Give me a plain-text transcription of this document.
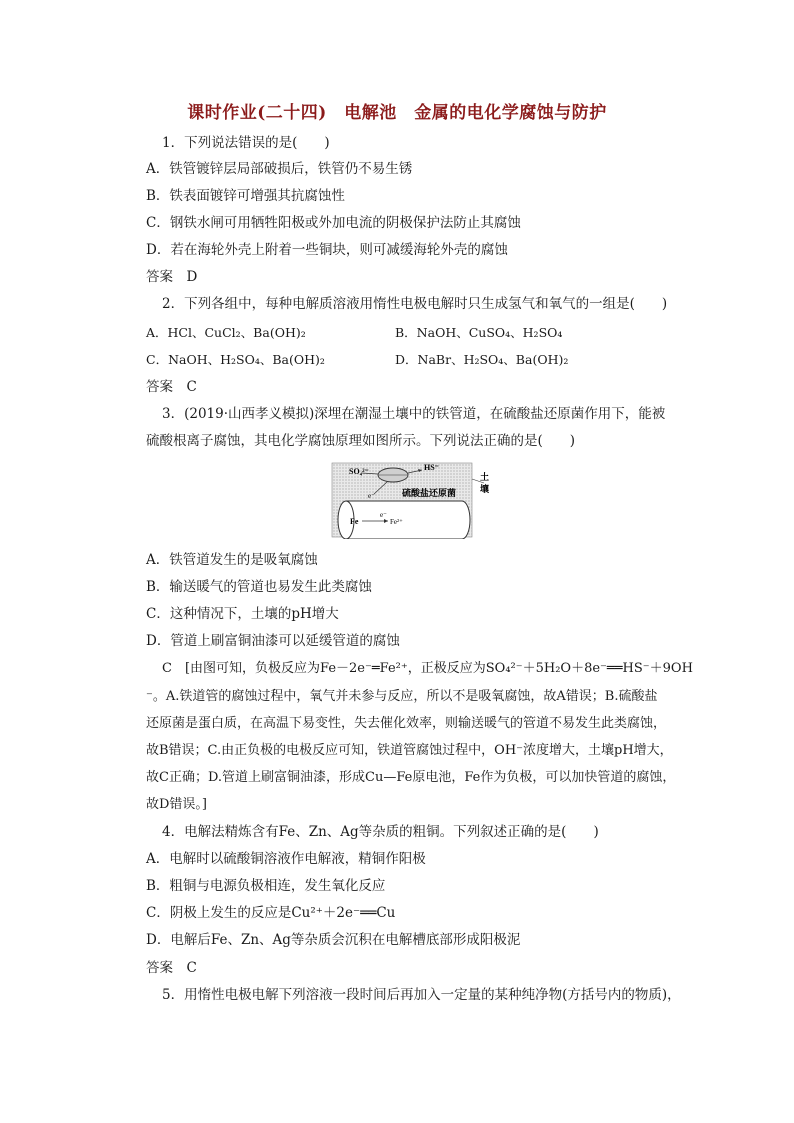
课时作业(二十四)　电解池　金属的电化学腐蚀与防护
1．下列说法错误的是(　　)
A．铁管镀锌层局部破损后，铁管仍不易生锈
B．铁表面镀锌可增强其抗腐蚀性
C．钢铁水闸可用牺牲阳极或外加电流的阴极保护法防止其腐蚀
D．若在海轮外壳上附着一些铜块，则可减缓海轮外壳的腐蚀
答案　D
2．下列各组中，每种电解质溶液用惰性电极电解时只生成氢气和氧气的一组是(　　)
A．HCl、CuCl₂、Ba(OH)₂	B．NaOH、CuSO₄、H₂SO₄
C．NaOH、H₂SO₄、Ba(OH)₂	D．NaBr、H₂SO₄、Ba(OH)₂
答案　C
3．(2019·山西孝义模拟)深埋在潮湿土壤中的铁管道，在硫酸盐还原菌作用下，能被
硫酸根离子腐蚀，其电化学腐蚀原理如图所示。下列说法正确的是(　　)
SO₄²⁻	HS⁻
e⁻	硫酸盐还原菌
土
壤
Fe
e⁻
Fe²⁺
A．铁管道发生的是吸氧腐蚀
B．输送暖气的管道也易发生此类腐蚀
C．这种情况下，土壤的pH增大
D．管道上刷富铜油漆可以延缓管道的腐蚀
C　[由图可知，负极反应为Fe－2e⁻═Fe²⁺，正极反应为SO₄²⁻＋5H₂O＋8e⁻══HS⁻＋9OH
⁻。A.铁道管的腐蚀过程中，氧气并未参与反应，所以不是吸氧腐蚀，故A错误；B.硫酸盐
还原菌是蛋白质，在高温下易变性，失去催化效率，则输送暖气的管道不易发生此类腐蚀，
故B错误；C.由正负极的电极反应可知，铁道管腐蚀过程中，OH⁻浓度增大，土壤pH增大，
故C正确；D.管道上刷富铜油漆，形成Cu—Fe原电池，Fe作为负极，可以加快管道的腐蚀，
故D错误。]
4．电解法精炼含有Fe、Zn、Ag等杂质的粗铜。下列叙述正确的是(　　)
A．电解时以硫酸铜溶液作电解液，精铜作阳极
B．粗铜与电源负极相连，发生氧化反应
C．阴极上发生的反应是Cu²⁺＋2e⁻══Cu
D．电解后Fe、Zn、Ag等杂质会沉积在电解槽底部形成阳极泥
答案　C
5．用惰性电极电解下列溶液一段时间后再加入一定量的某种纯净物(方括号内的物质)，
